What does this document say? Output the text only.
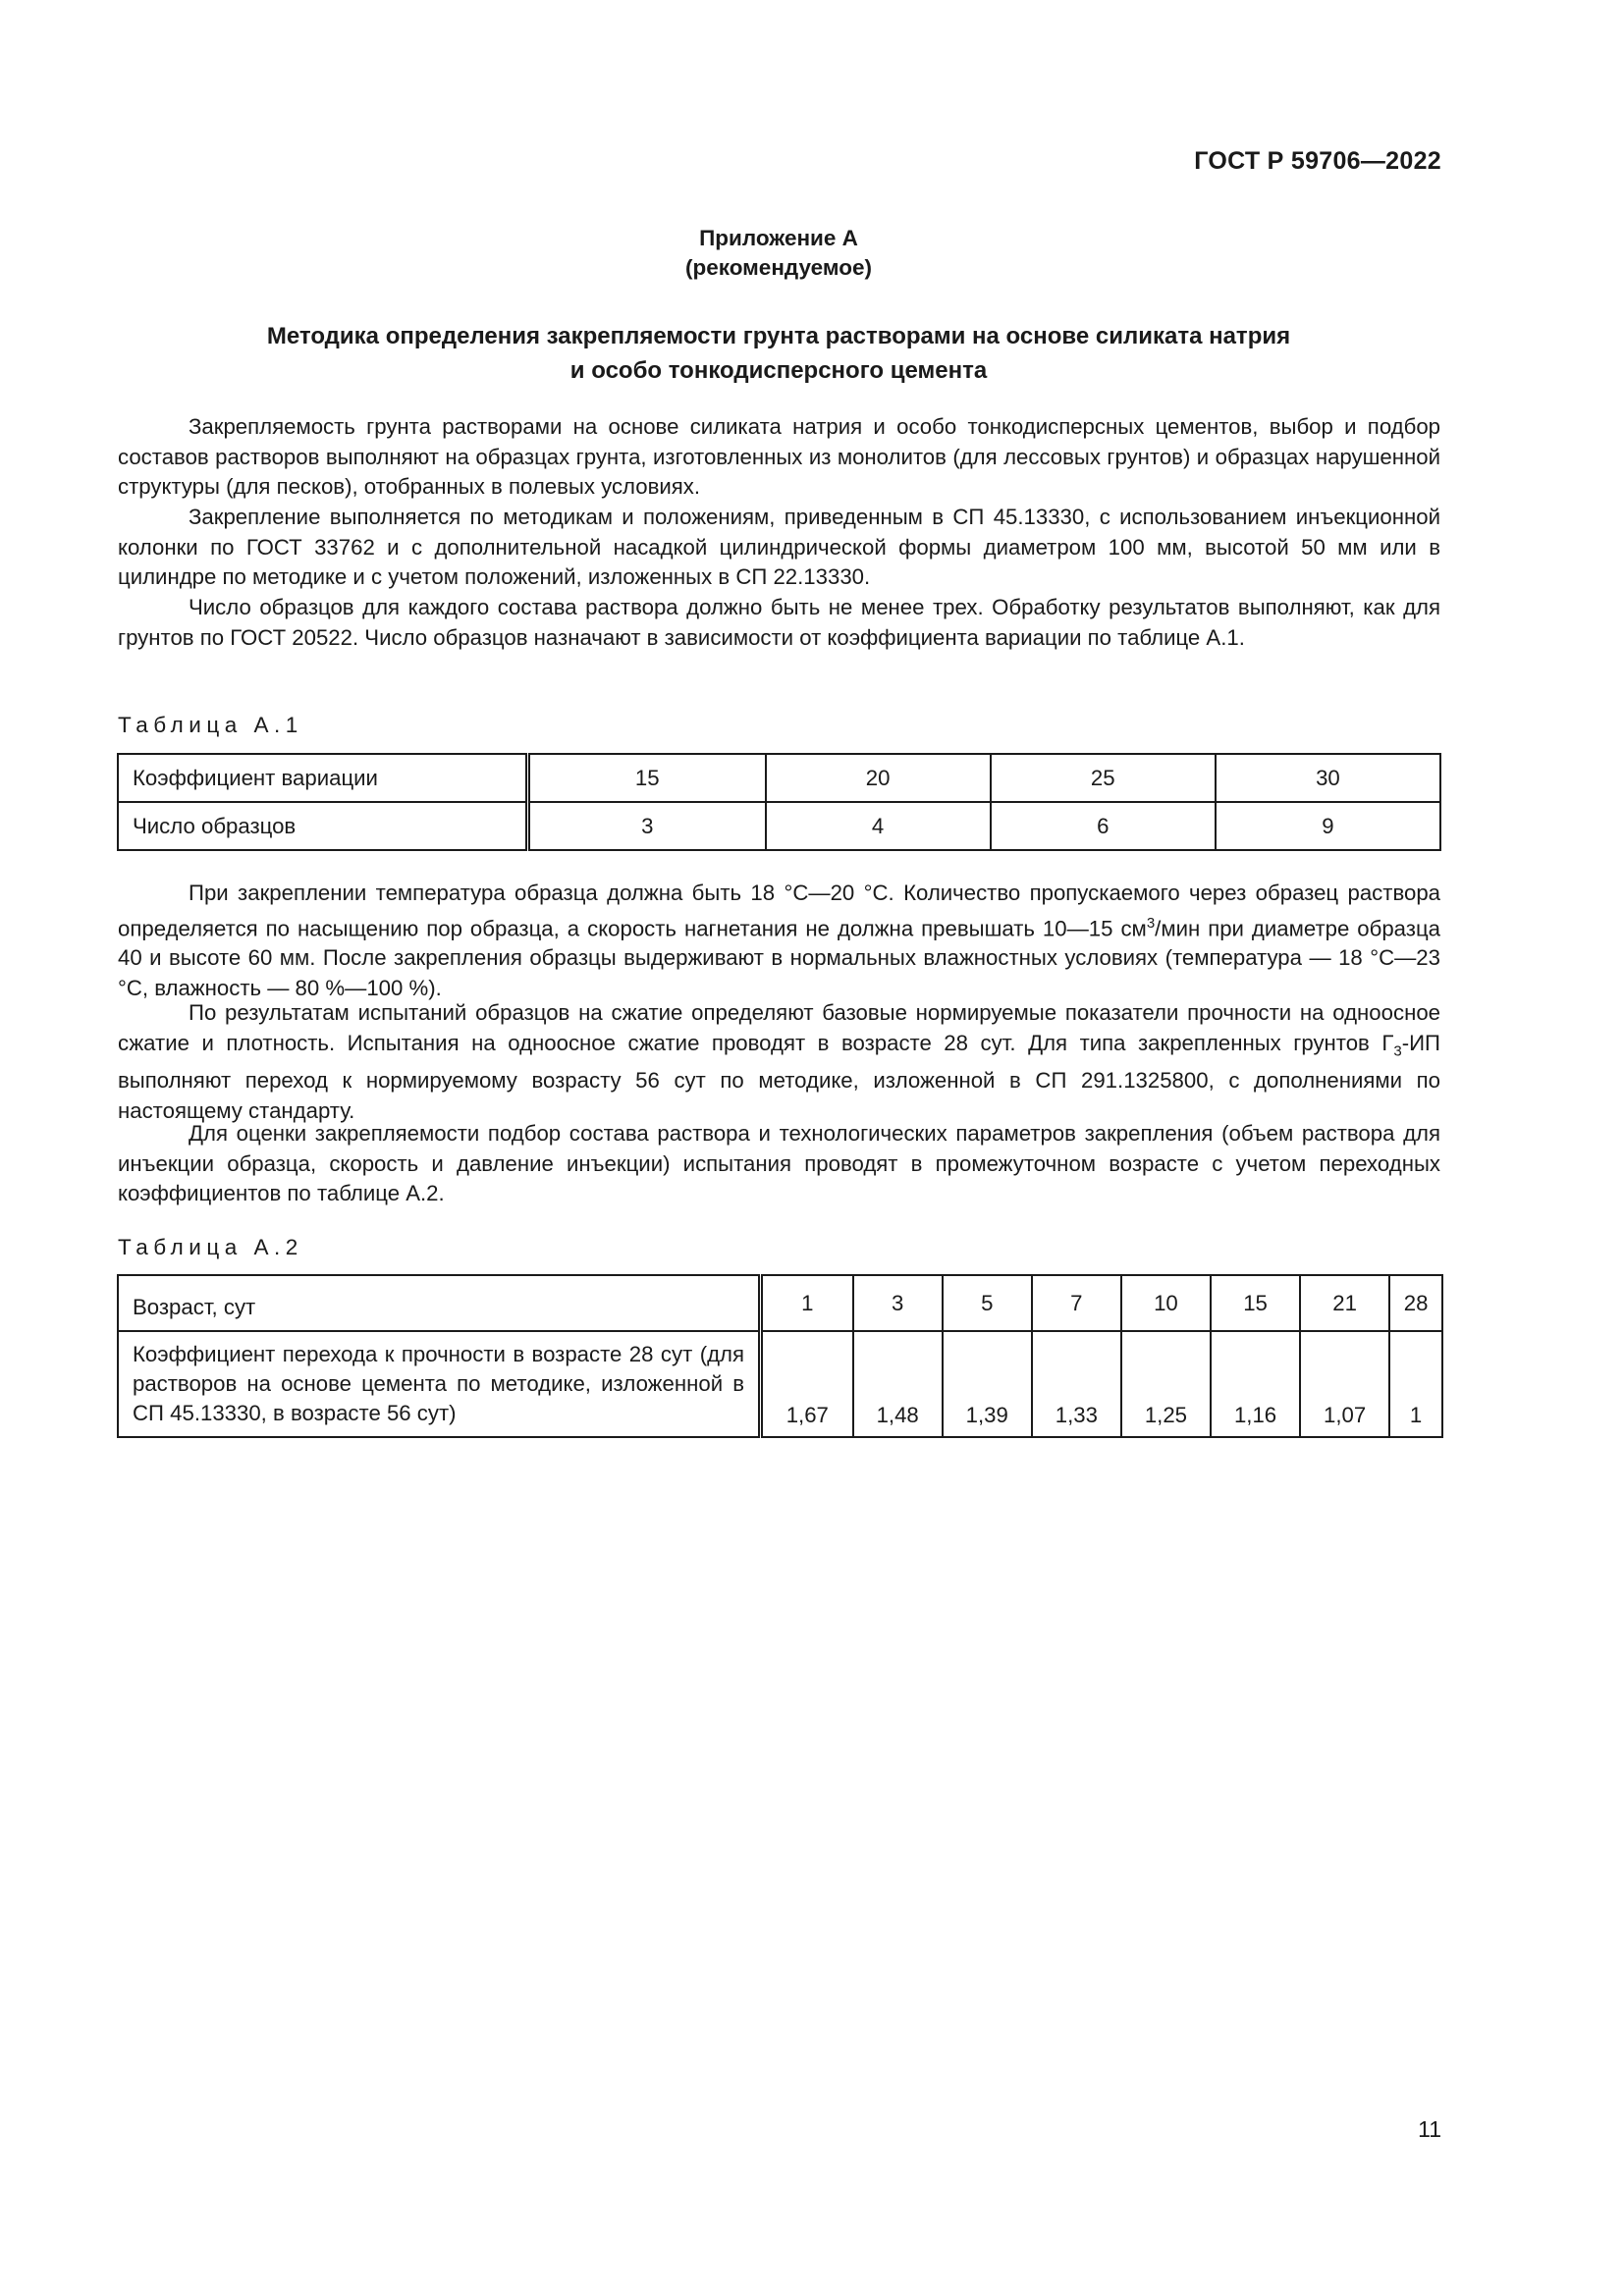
ГОСТ Р 59706—2022
Приложение А
(рекомендуемое)
Методика определения закрепляемости грунта растворами на основе силиката натрия
и особо тонкодисперсного цемента

Закрепляемость грунта растворами на основе силиката натрия и особо тонкодисперсных цементов, выбор и подбор составов растворов выполняют на образцах грунта, изготовленных из монолитов (для лессовых грунтов) и образцах нарушенной структуры (для песков), отобранных в полевых условиях.

Закрепление выполняется по методикам и положениям, приведенным в СП 45.13330, с использованием инъекционной колонки по ГОСТ 33762 и с дополнительной насадкой цилиндрической формы диаметром 100 мм, высотой 50 мм или в цилиндре по методике и с учетом положений, изложенных в СП 22.13330.

Число образцов для каждого состава раствора должно быть не менее трех. Обработку результатов выполняют, как для грунтов по ГОСТ 20522. Число образцов назначают в зависимости от коэффициента вариации по таблице А.1.

Таблица А.1
Коэффициент вариации	15	20	25	30
Число образцов	3	4	6	9

При закреплении температура образца должна быть 18 °С—20 °С. Количество пропускаемого через образец раствора определяется по насыщению пор образца, а скорость нагнетания не должна превышать 10—15 $см^3$/мин при диаметре образца 40 и высоте 60 мм. После закрепления образцы выдерживают в нормальных влажностных условиях (температура — 18 °С—23 °С, влажность — 80 %—100 %).

По результатам испытаний образцов на сжатие определяют базовые нормируемые показатели прочности на одноосное сжатие и плотность. Испытания на одноосное сжатие проводят в возрасте 28 сут. Для типа закрепленных грунтов $Г_3-ИП$ выполняют переход к нормируемому возрасту 56 сут по методике, изложенной в СП 291.1325800, с дополнениями по настоящему стандарту.

Для оценки закрепляемости подбор состава раствора и технологических параметров закрепления (объем раствора для инъекции образца, скорость и давление инъекции) испытания проводят в промежуточном возрасте с учетом переходных коэффициентов по таблице А.2.

Таблица А.2
Возраст, сут	1	3	5	7	10	15	21	28
Коэффициент перехода к прочности в возрасте 28 сут (для растворов на основе цемента по методике, изложенной в СП 45.13330, в возрасте 56 сут)	1,67	1,48	1,39	1,33	1,25	1,16	1,07	1
11
